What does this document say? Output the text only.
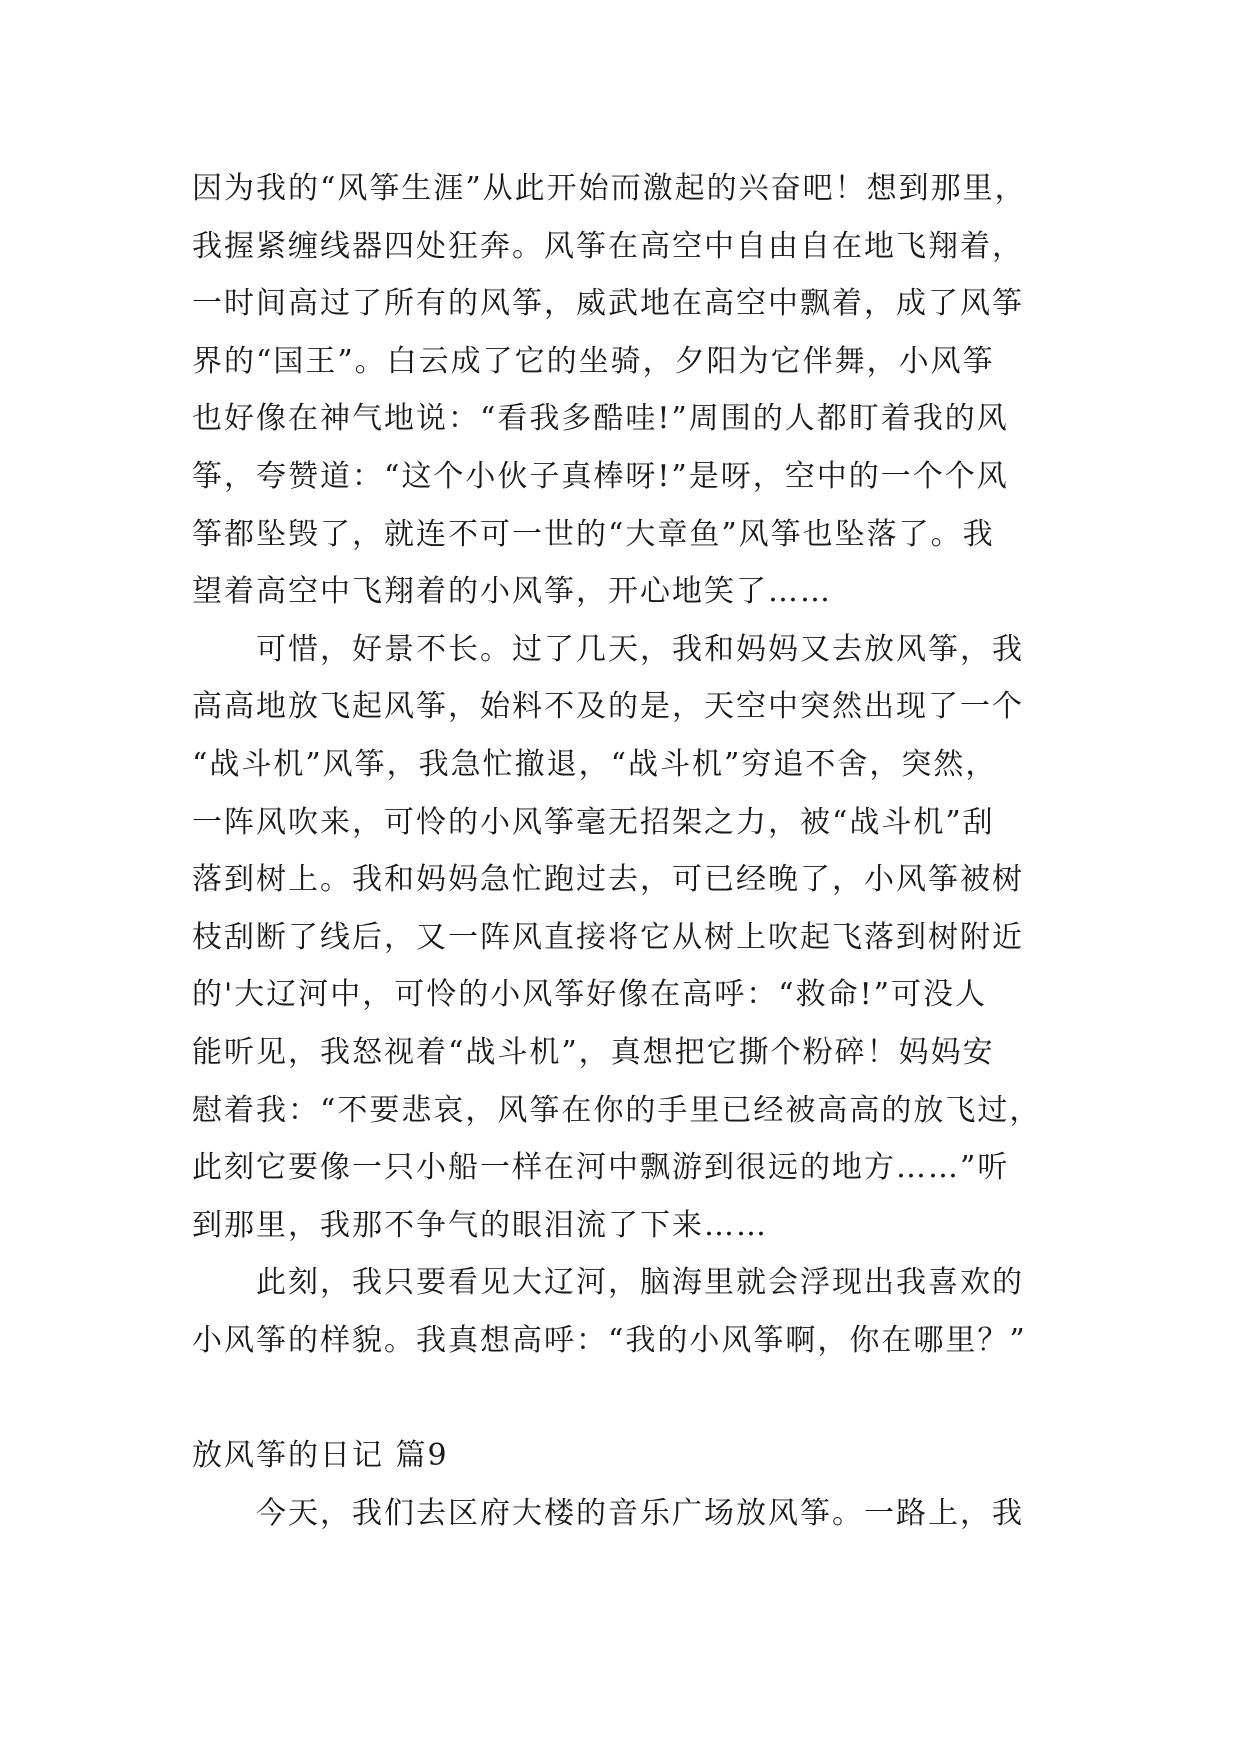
因为我的“风筝生涯”从此开始而激起的兴奋吧！想到那里，
我握紧缠线器四处狂奔。风筝在高空中自由自在地飞翔着，
一时间高过了所有的风筝，威武地在高空中飘着，成了风筝
界的“国王”。白云成了它的坐骑，夕阳为它伴舞，小风筝
也好像在神气地说：“看我多酷哇!”周围的人都盯着我的风
筝，夸赞道：“这个小伙子真棒呀!”是呀，空中的一个个风
筝都坠毁了，就连不可一世的“大章鱼”风筝也坠落了。我
望着高空中飞翔着的小风筝，开心地笑了……
可惜，好景不长。过了几天，我和妈妈又去放风筝，我
高高地放飞起风筝，始料不及的是，天空中突然出现了一个
“战斗机”风筝，我急忙撤退，“战斗机”穷追不舍，突然，
一阵风吹来，可怜的小风筝毫无招架之力，被“战斗机”刮
落到树上。我和妈妈急忙跑过去，可已经晚了，小风筝被树
枝刮断了线后，又一阵风直接将它从树上吹起飞落到树附近
的'大辽河中，可怜的小风筝好像在高呼：“救命!”可没人
能听见，我怒视着“战斗机”，真想把它撕个粉碎！妈妈安
慰着我：“不要悲哀，风筝在你的手里已经被高高的放飞过，
此刻它要像一只小船一样在河中飘游到很远的地方……”听
到那里，我那不争气的眼泪流了下来……
此刻，我只要看见大辽河，脑海里就会浮现出我喜欢的
小风筝的样貌。我真想高呼：“我的小风筝啊，你在哪里？”
放风筝的日记 篇9
今天，我们去区府大楼的音乐广场放风筝。一路上，我
